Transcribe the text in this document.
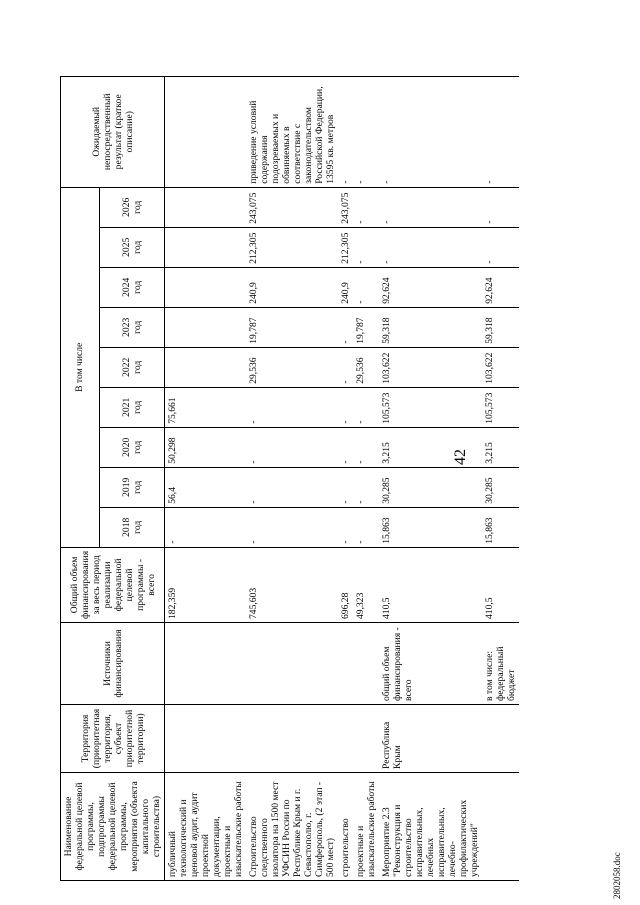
42
2802058.doc
Наименование федеральной целевой программы, подпрограммы федеральной целевой программы, мероприятия (объекта капитального строительства)	Территория (приоритетная территория, субъект приоритетной территории)	Источники финансирования	Общий объем финансирования за весь период реализации федеральной целевой программы - всего	В том числе									Ожидаемый непосредственный результат (краткое описание)
				2018 год	2019 год	2020 год	2021 год	2022 год	2023 год	2024 год	2025 год	2026 год	
публичный технологический и ценовой аудит, аудит проектной документации, проектные и изыскательские работы			182,359	-	56,4	50,298	75,661						
Строительство следственного изолятора на 1500 мест УФСИН России по Республике Крым и г. Севастополю, г. Симферополь, (2 этап - 500 мест)			745,603	-	-	-	-	29,536	19,787	240,9	212,305	243,075	приведение условий содержания подозреваемых и обвиняемых в соответствие с законодательством Российской Федерации, 13595 кв. метров
строительство			696,28	-	-	-	-	-	-	240,9	212,305	243,075	-
проектные и изыскательские работы			49,323	-	-	-	-	29,536	19,787	-	-	-	-
Мероприятие 2.3 "Реконструкция и строительство исправительных, лечебных исправительных, лечебно-профилактических учреждений"	Республика Крым	общий объем финансирования - всего	410,5	15,863	30,285	3,215	105,573	103,622	59,318	92,624	-	-	-
		в том числе: федеральный бюджет	410,5	15,863	30,285	3,215	105,573	103,622	59,318	92,624	-	-	-
